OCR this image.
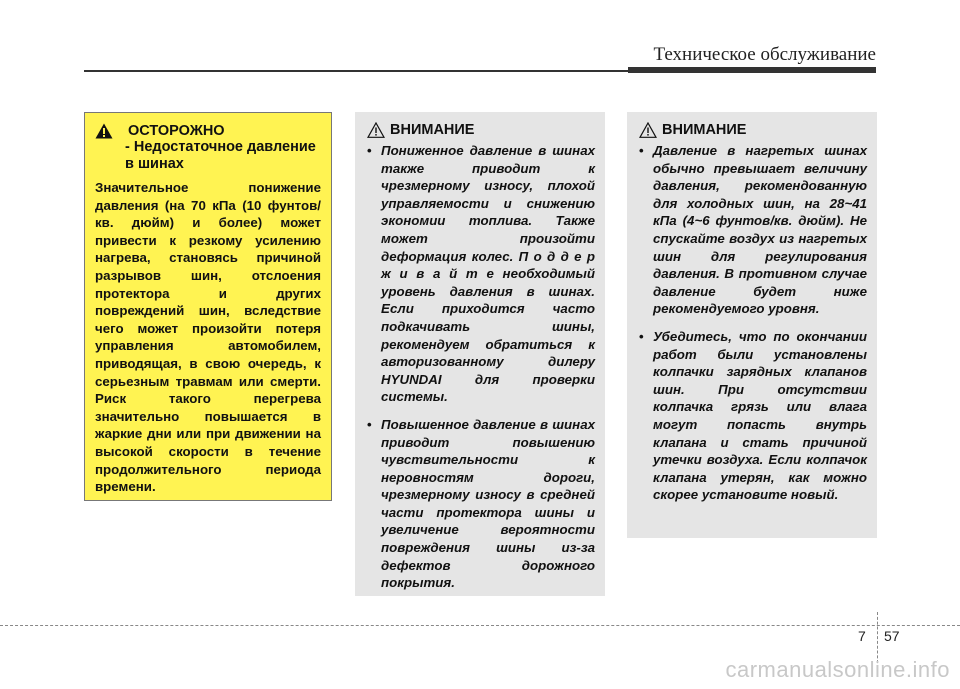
Техническое обслуживание
ОСТОРОЖНО
- Недостаточное давление в шинах
Значительное понижение давления (на 70 кПа (10 фунтов/кв. дюйм) и более) может привести к резкому усилению нагрева, становясь причиной разрывов шин, отслоения протектора и других повреждений шин, вследствие чего может произойти потеря управления автомобилем, приводящая, в свою очередь, к серьезным травмам или смерти. Риск такого перегрева значительно повышается в жаркие дни или при движении на высокой скорости в течение продолжительного периода времени.
ВНИМАНИЕ
• Пониженное давление в шинах также приводит к чрезмерному износу, плохой управляемости и снижению экономии топлива. Также может произойти деформация колес. П о д д е р ж и в а й т е необходимый уровень давления в шинах. Если приходится часто подкачивать шины, рекомендуем обратиться к авторизованному дилеру HYUNDAI для проверки системы.
• Повышенное давление в шинах приводит повышению чувствительности к неровностям дороги, чрезмерному износу в средней части протектора шины и увеличение вероятности повреждения шины из-за дефектов дорожного покрытия.
ВНИМАНИЕ
• Давление в нагретых шинах обычно превышает величину давления, рекомендованную для холодных шин, на 28~41 кПа (4~6 фунтов/кв. дюйм). Не спускайте воздух из нагретых шин для регулирования давления. В противном случае давление будет ниже рекомендуемого уровня.
• Убедитесь, что по окончании работ были установлены колпачки зарядных клапанов шин. При отсутствии колпачка грязь или влага могут попасть внутрь клапана и стать причиной утечки воздуха. Если колпачок клапана утерян, как можно скорее установите новый.
7 57
carmanualsonline.info
